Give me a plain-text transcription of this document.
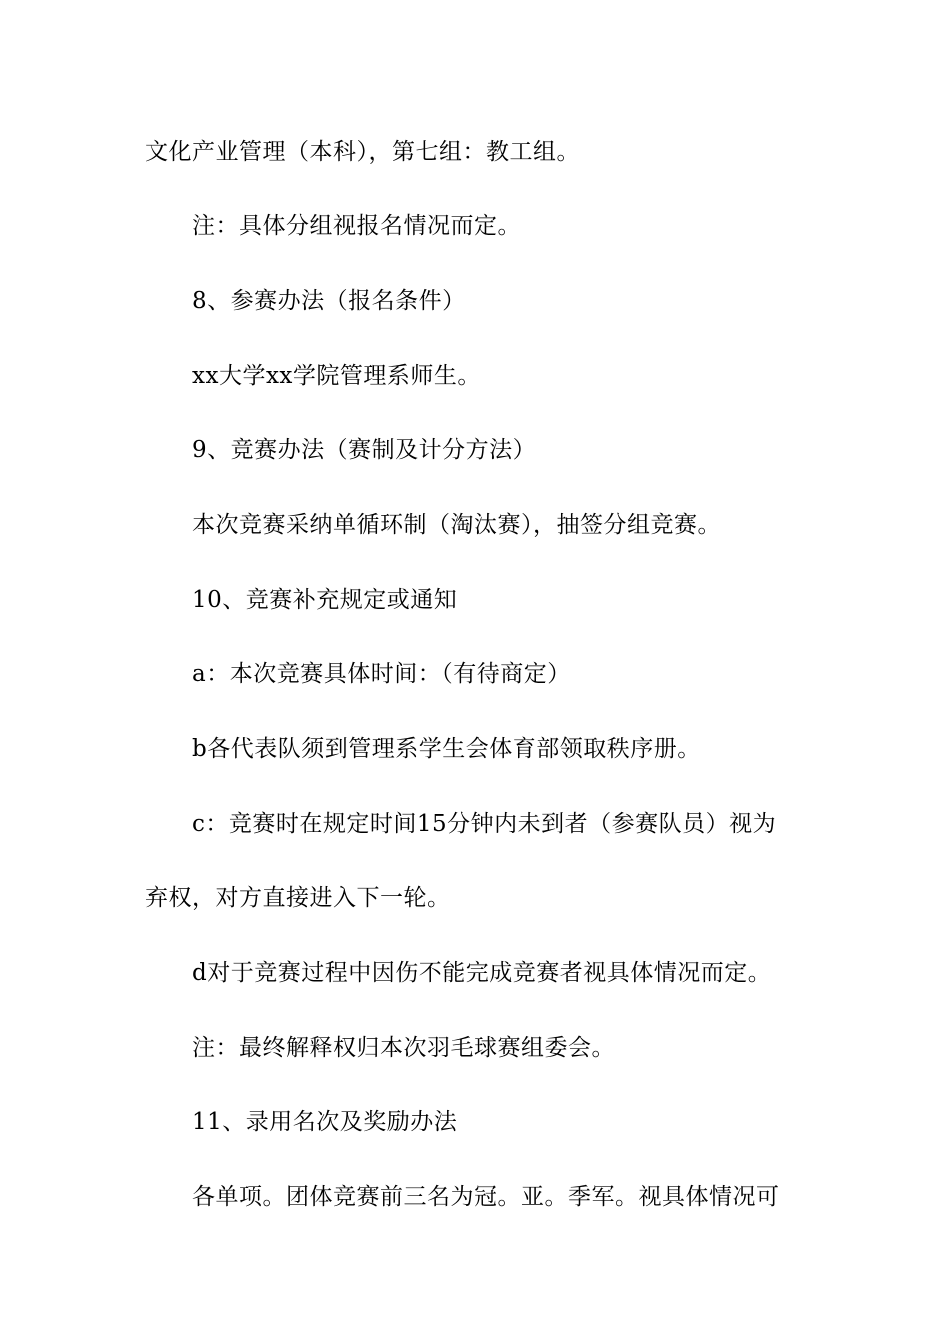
文化产业管理（本科），第七组：教工组。
注：具体分组视报名情况而定。
8、参赛办法（报名条件）
xx大学xx学院管理系师生。
9、竞赛办法（赛制及计分方法）
本次竞赛采纳单循环制（淘汰赛），抽签分组竞赛。
10、竞赛补充规定或通知
a：本次竞赛具体时间：（有待商定）
b各代表队须到管理系学生会体育部领取秩序册。
c：竞赛时在规定时间15分钟内未到者（参赛队员）视为
弃权，对方直接进入下一轮。
d对于竞赛过程中因伤不能完成竞赛者视具体情况而定。
注：最终解释权归本次羽毛球赛组委会。
11、录用名次及奖励办法
各单项。团体竞赛前三名为冠。亚。季军。视具体情况可
